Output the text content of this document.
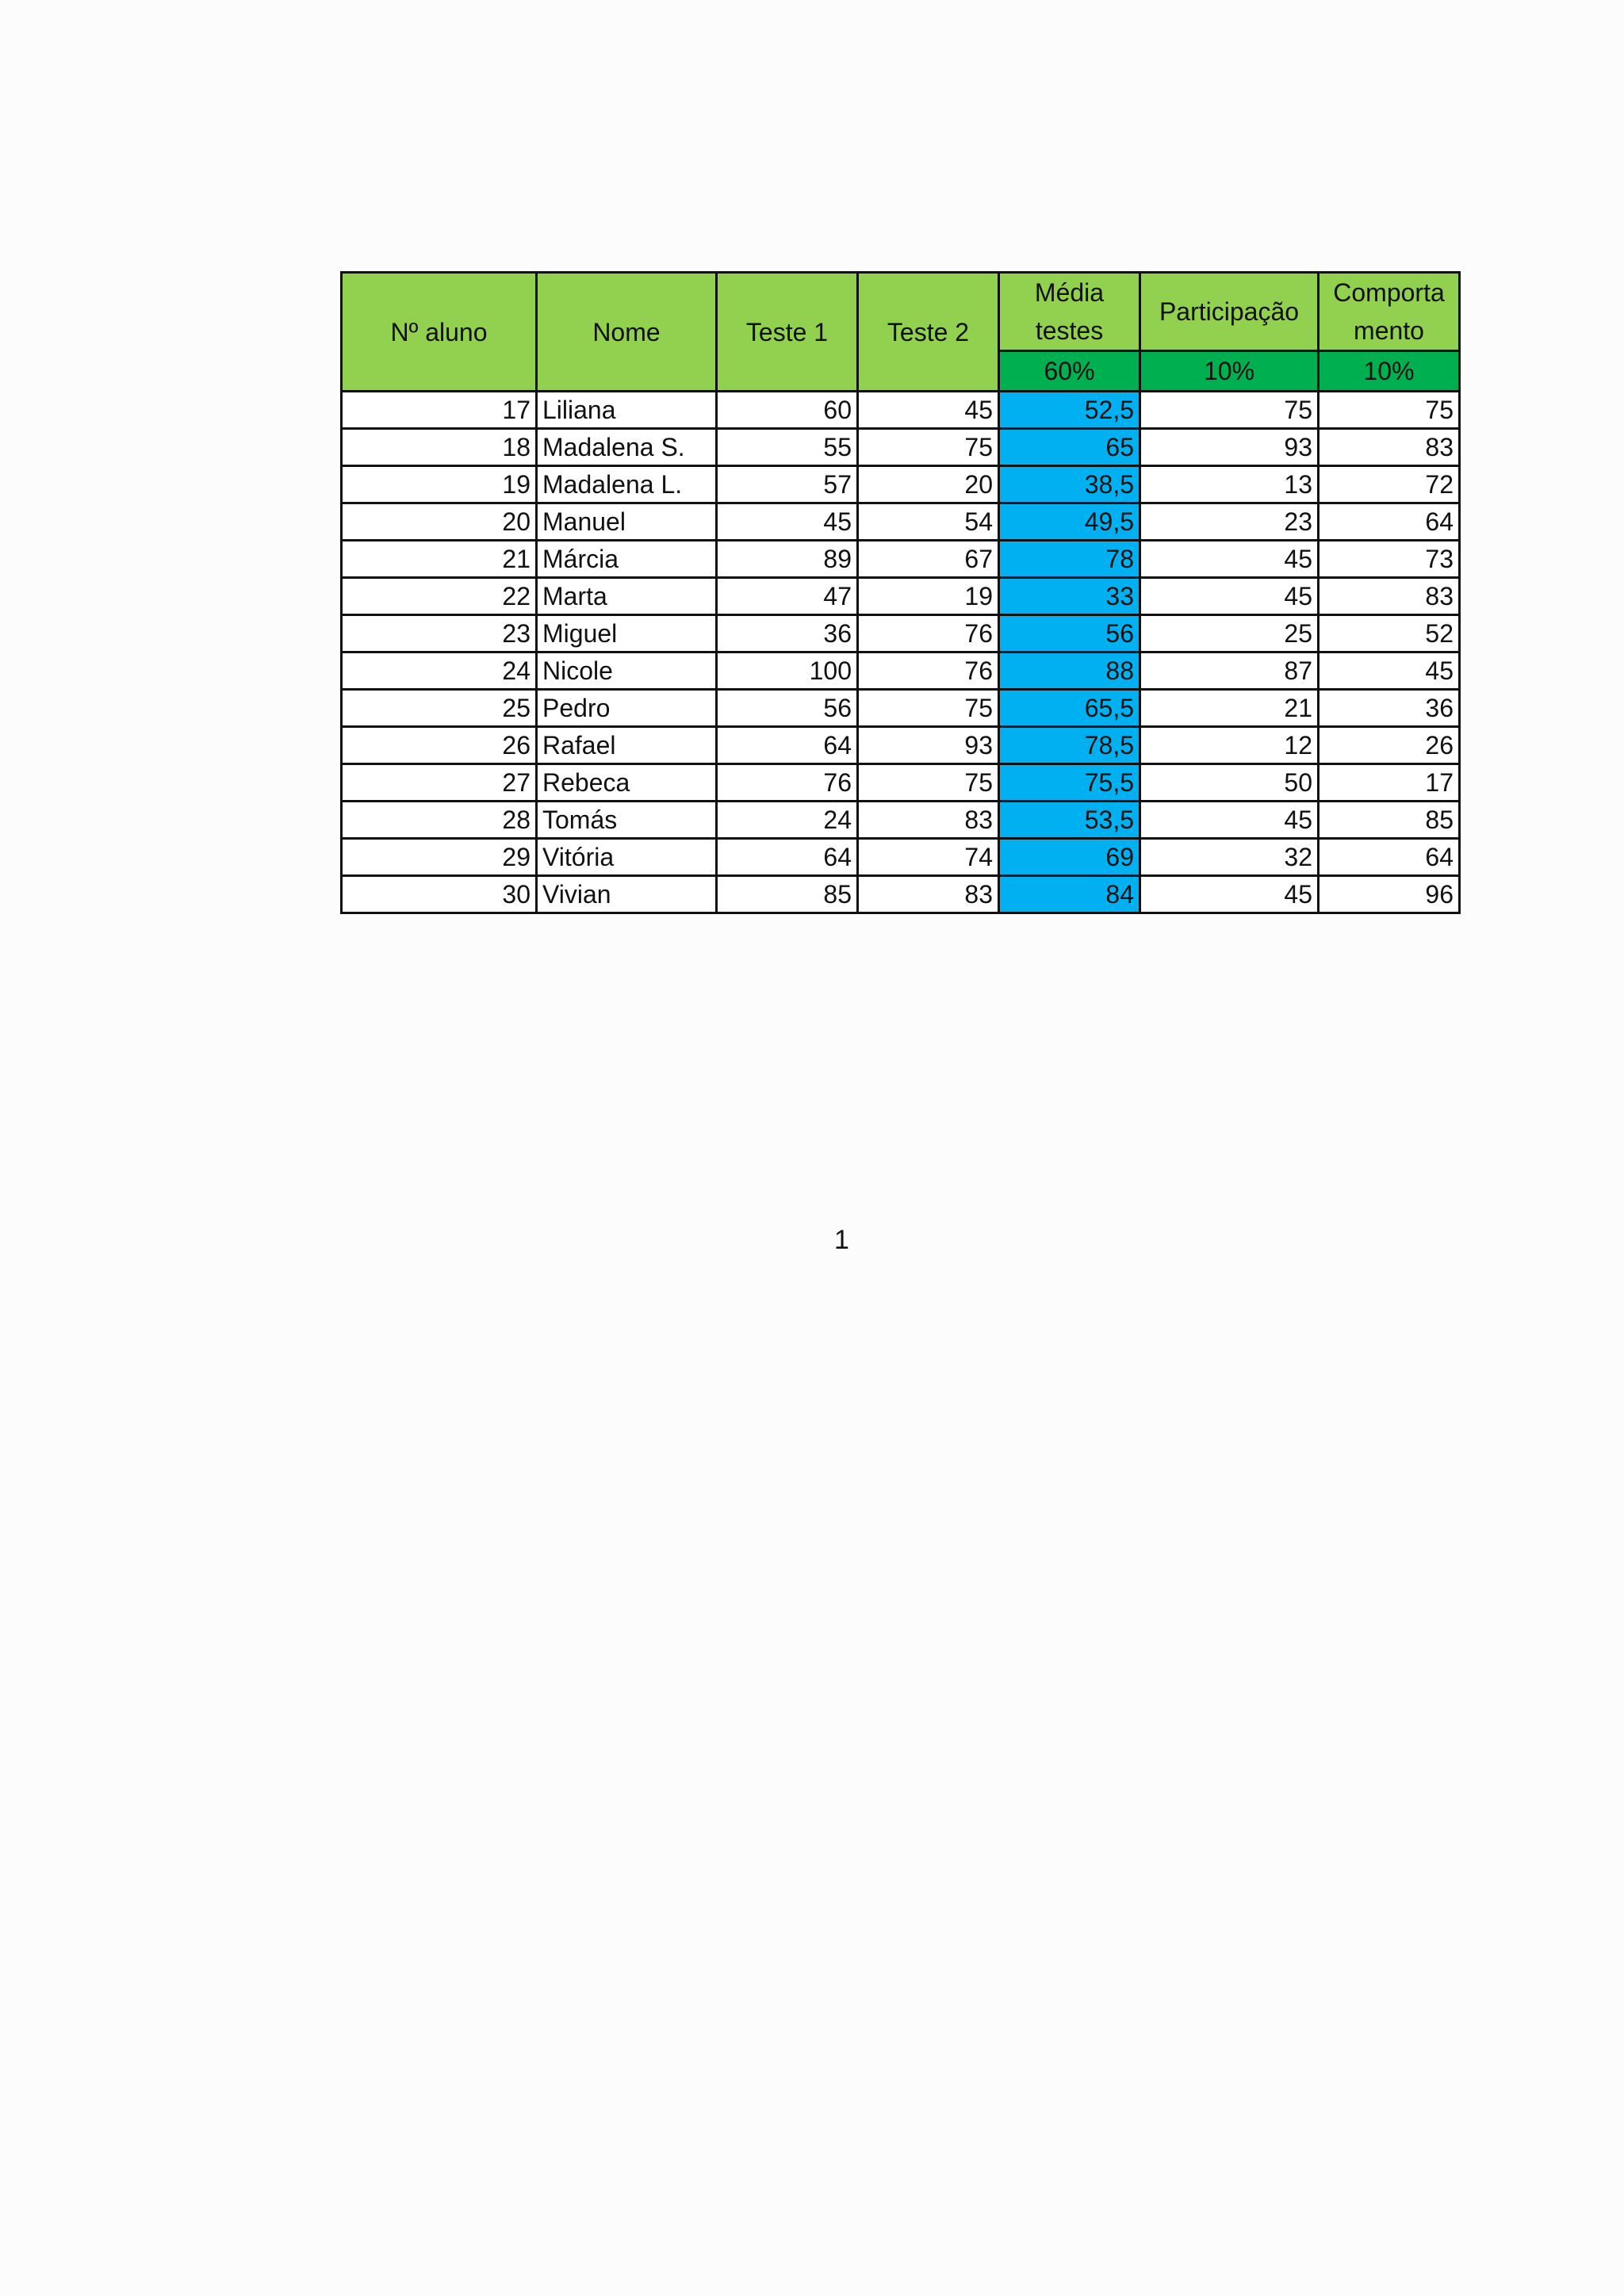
Nº aluno	Nome	Teste 1	Teste 2	Média testes	Participação	Comporta mento
				60%	10%	10%
17	Liliana	60	45	52,5	75	75
18	Madalena S.	55	75	65	93	83
19	Madalena L.	57	20	38,5	13	72
20	Manuel	45	54	49,5	23	64
21	Márcia	89	67	78	45	73
22	Marta	47	19	33	45	83
23	Miguel	36	76	56	25	52
24	Nicole	100	76	88	87	45
25	Pedro	56	75	65,5	21	36
26	Rafael	64	93	78,5	12	26
27	Rebeca	76	75	75,5	50	17
28	Tomás	24	83	53,5	45	85
29	Vitória	64	74	69	32	64
30	Vivian	85	83	84	45	96
1
